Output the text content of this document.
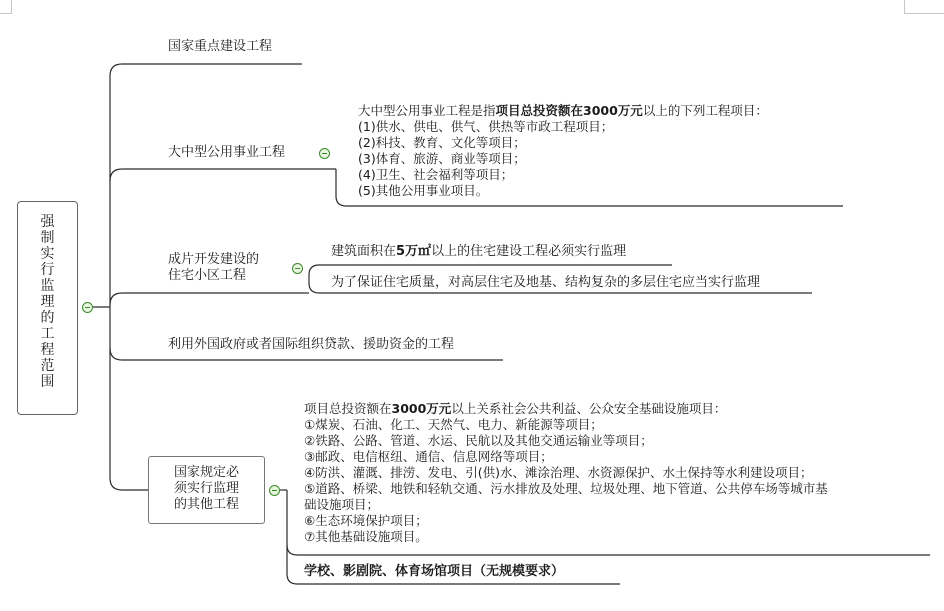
强
制
实
行
监
理
的
工
程
范
围
国家重点建设工程
大中型公用事业工程
大中型公用事业工程是指项目总投资额在3000万元以上的下列工程项目：
(1)供水、供电、供气、供热等市政工程项目；
(2)科技、教育、文化等项目；
(3)体育、旅游、商业等项目；
(4)卫生、社会福利等项目；
(5)其他公用事业项目。
成片开发建设的
住宅小区工程
建筑面积在5万㎡以上的住宅建设工程必须实行监理
为了保证住宅质量，对高层住宅及地基、结构复杂的多层住宅应当实行监理
利用外国政府或者国际组织贷款、援助资金的工程
国家规定必
须实行监理
的其他工程
项目总投资额在3000万元以上关系社会公共利益、公众安全基础设施项目：
①煤炭、石油、化工、天然气、电力、新能源等项目；
②铁路、公路、管道、水运、民航以及其他交通运输业等项目；
③邮政、电信枢纽、通信、信息网络等项目；
④防洪、灌溉、排涝、发电、引(供)水、滩涂治理、水资源保护、水土保持等水利建设项目；
⑤道路、桥梁、地铁和轻轨交通、污水排放及处理、垃圾处理、地下管道、公共停车场等城市基
础设施项目；
⑥生态环境保护项目；
⑦其他基础设施项目。
学校、影剧院、体育场馆项目（无规模要求）
